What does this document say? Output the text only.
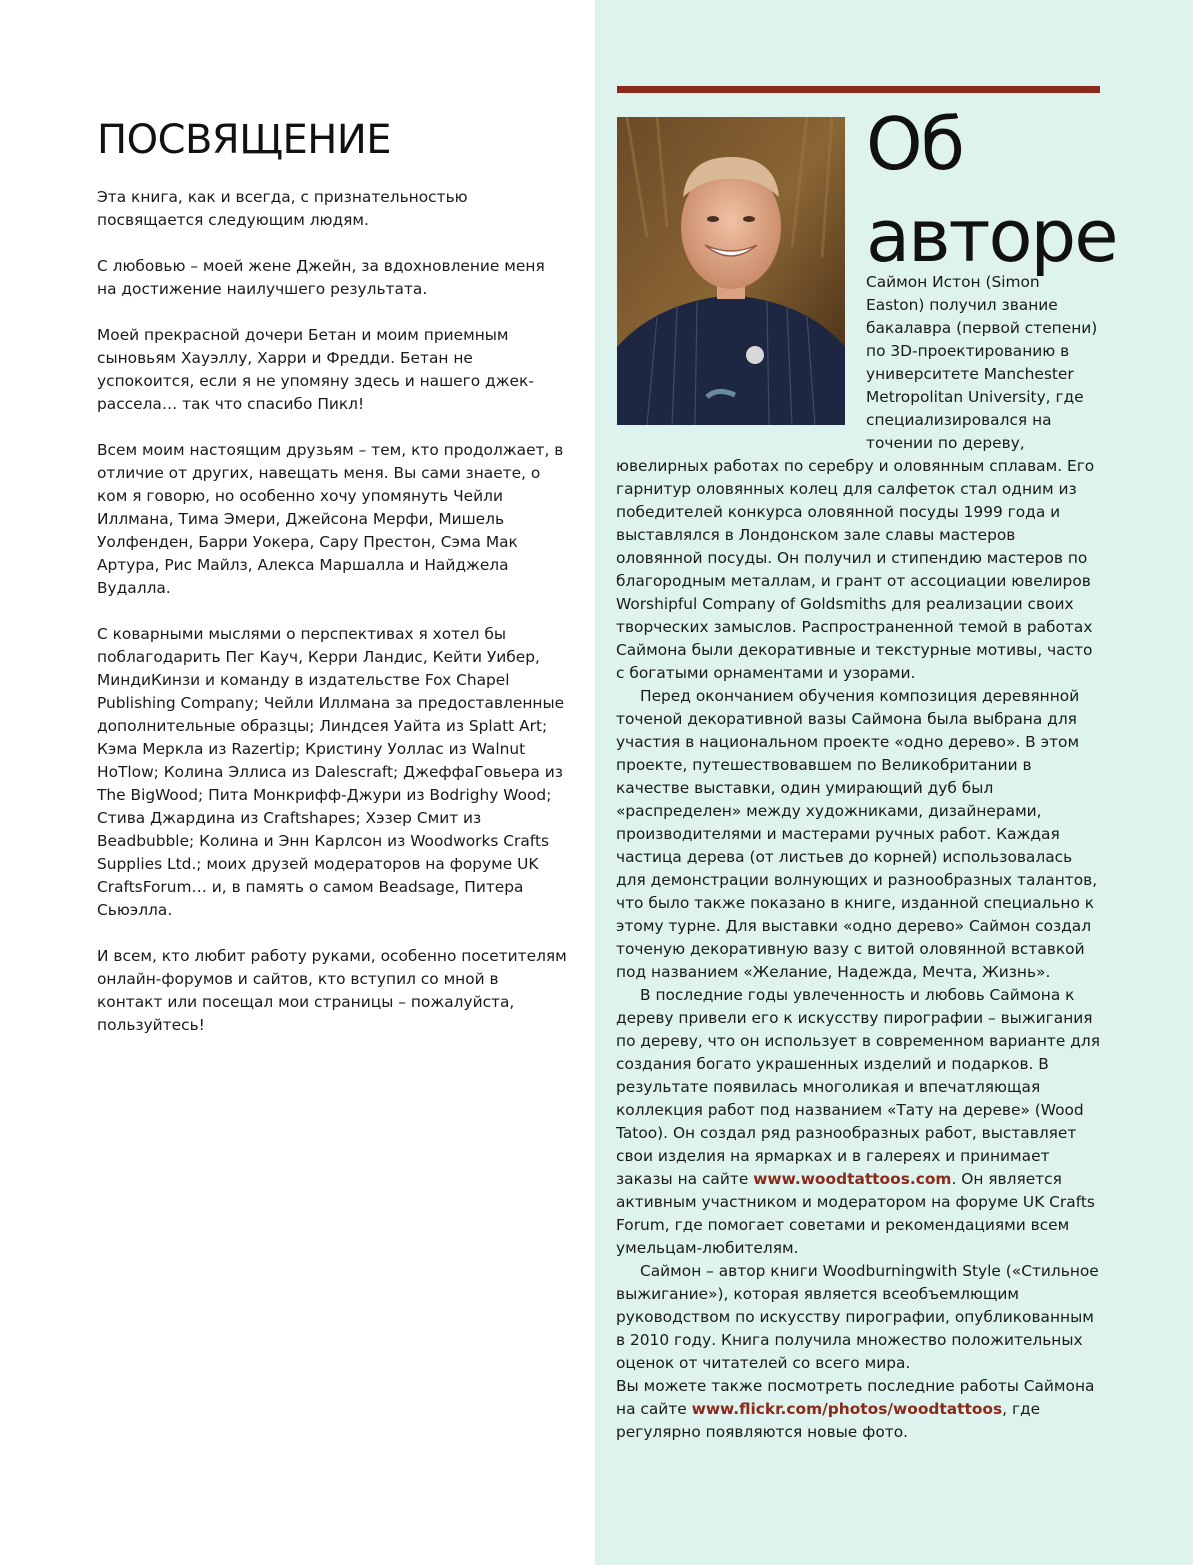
ПОСВЯЩЕНИЕ

Эта книга, как и всегда, с признательностью посвящается следующим людям.

С любовью – моей жене Джейн, за вдохновление меня на достижение наилучшего результата.

Моей прекрасной дочери Бетан и моим приемным сыновьям Хауэллу, Харри и Фредди. Бетан не успокоится, если я не упомяну здесь и нашего джек-рассела… так что спасибо Пикл!

Всем моим настоящим друзьям – тем, кто продолжает, в отличие от других, навещать меня. Вы сами знаете, о ком я говорю, но особенно хочу упомянуть Чейли Иллмана, Тима Эмери, Джейсона Мерфи, Мишель Уолфенден, Барри Уокера, Сару Престон, Сэма Мак Артура, Рис Майлз, Алекса Маршалла и Найджела Вудалла.

С коварными мыслями о перспективах я хотел бы поблагодарить Пег Кауч, Керри Ландис, Кейти Уибер, МиндиКинзи и команду в издательстве Fox Chapel Publishing Company; Чейли Иллмана за предоставленные дополнительные образцы; Линдсея Уайта из Splatt Art; Кэма Меркла из Razertip; Кристину Уоллас из Walnut HoTlow; Колина Эллиса из Dalescraft; ДжеффаГовьера из The BigWood; Пита Монкрифф-Джури из Bodrighy Wood; Стива Джардина из Craftshapes; Хэзер Смит из Beadbubble; Колина и Энн Карлсон из Woodworks Crafts Supplies Ltd.; моих друзей модераторов на форуме UK CraftsForum… и, в память о самом Beadsage, Питера Сьюэлла.

И всем, кто любит работу руками, особенно посетителям онлайн-форумов и сайтов, кто вступил со мной в контакт или посещал мои страницы – пожалуйста, пользуйтесь!

Об
авторе
Саймон Истон (Simon Easton) получил звание бакалавра (первой степени) по 3D-проектированию в университете Manchester Metropolitan University, где специализировался на точении по дереву,

ювелирных работах по серебру и оловянным сплавам. Его гарнитур оловянных колец для салфеток стал одним из победителей конкурса оловянной посуды 1999 года и выставлялся в Лондонском зале славы мастеров оловянной посуды. Он получил и стипендию мастеров по благородным металлам, и грант от ассоциации ювелиров Worshipful Company of Goldsmiths для реализации своих творческих замыслов. Распространенной темой в работах Саймона были декоративные и текстурные мотивы, часто с богатыми орнаментами и узорами.

Перед окончанием обучения композиция деревянной точеной декоративной вазы Саймона была выбрана для участия в национальном проекте «одно дерево». В этом проекте, путешествовавшем по Великобритании в качестве выставки, один умирающий дуб был «распределен» между художниками, дизайнерами, производителями и мастерами ручных работ. Каждая частица дерева (от листьев до корней) использовалась для демонстрации волнующих и разнообразных талантов, что было также показано в книге, изданной специально к этому турне. Для выставки «одно дерево» Саймон создал точеную декоративную вазу с витой оловянной вставкой под названием «Желание, Надежда, Мечта, Жизнь».

В последние годы увлеченность и любовь Саймона к дереву привели его к искусству пирографии – выжигания по дереву, что он использует в современном варианте для создания богато украшенных изделий и подарков. В результате появилась многоликая и впечатляющая коллекция работ под названием «Тату на дереве» (Wood Tatoo). Он создал ряд разнообразных работ, выставляет свои изделия на ярмарках и в галереях и принимает заказы на сайте www.woodtattoos.com. Он является активным участником и модератором на форуме UK Crafts Forum, где помогает советами и рекомендациями всем умельцам-любителям.

Саймон – автор книги Woodburningwith Style («Стильное выжигание»), которая является всеобъемлющим руководством по искусству пирографии, опубликованным в 2010 году. Книга получила множество положительных оценок от читателей со всего мира.

Вы можете также посмотреть последние работы Саймона на сайте www.flickr.com/photos/woodtattoos, где регулярно появляются новые фото.
